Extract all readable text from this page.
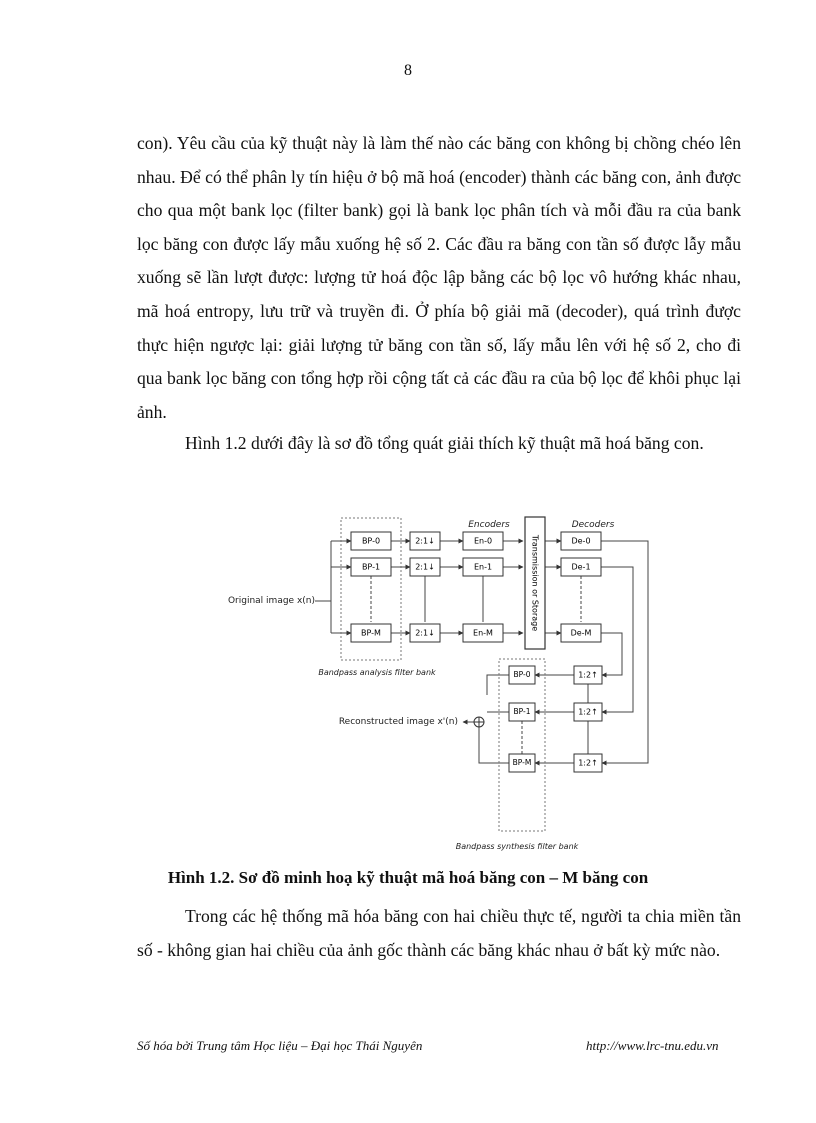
8

con). Yêu cầu của kỹ thuật này là làm thế nào các băng con không bị chồng chéo lên nhau. Để có thể phân ly tín hiệu ở bộ mã hoá (encoder) thành các băng con, ảnh được cho qua một bank lọc (filter bank) gọi là bank lọc phân tích và mỗi đầu ra của bank lọc băng con được lấy mẫu xuống hệ số 2. Các đầu ra băng con tần số được lẫy mẫu xuống sẽ lần lượt được: lượng tử hoá độc lập bằng các bộ lọc vô hướng khác nhau, mã hoá entropy, lưu trữ và truyền đi. Ở phía bộ giải mã (decoder), quá trình được thực hiện ngược lại: giải lượng tử băng con tần số, lấy mẫu lên với hệ số 2, cho đi qua bank lọc băng con tổng hợp rồi cộng tất cả các đầu ra của bộ lọc để khôi phục lại ảnh.

Hình 1.2 dưới đây là sơ đồ tổng quát giải thích kỹ thuật mã hoá băng con.

Transmission or Storage
BP-0
BP-1
BP-M
2:1↓
2:1↓
2:1↓
En-0
En-1
En-M
De-0
De-1
De-M
1:2↑
1:2↑
1:2↑
BP-0
BP-1
BP-M
Original image x(n)
Reconstructed image x'(n)
Encoders	Decoders
Bandpass analysis filter bank
Bandpass synthesis filter bank
Hình 1.2. Sơ đồ minh hoạ kỹ thuật mã hoá băng con – M băng con

Trong các hệ thống mã hóa băng con hai chiều thực tế, người ta chia miền tần số - không gian hai chiều của ảnh gốc thành các băng khác nhau ở bất kỳ mức nào.

Số hóa bởi Trung tâm Học liệu – Đại học Thái Nguyên	http://www.lrc-tnu.edu.vn
